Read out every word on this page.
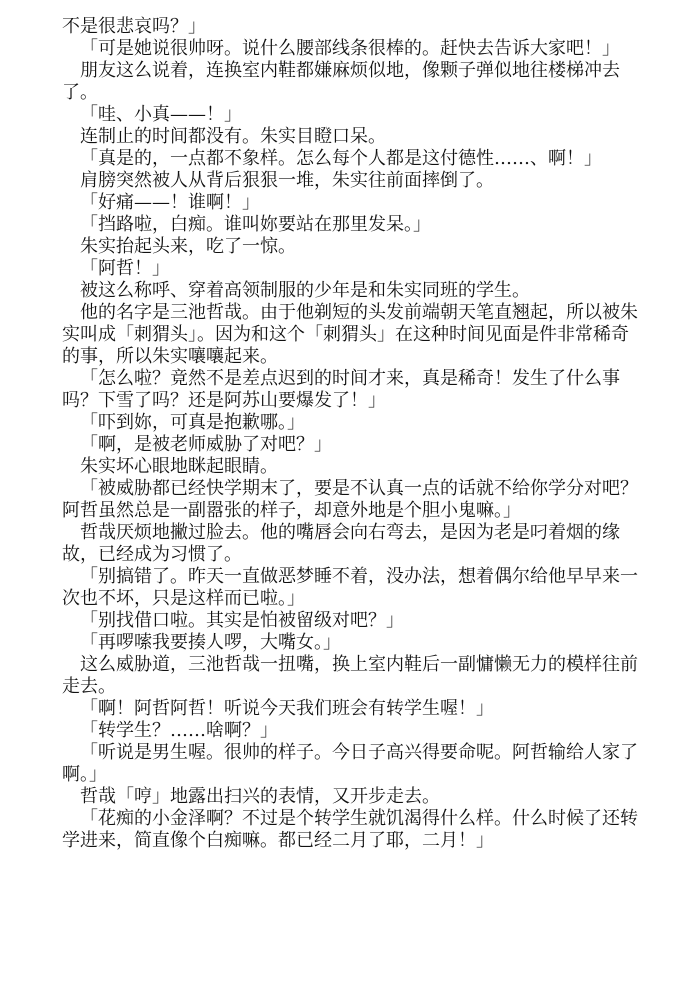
不是很悲哀吗？」

「可是她说很帅呀。说什么腰部线条很棒的。赶快去告诉大家吧！」

朋友这么说着，连换室内鞋都嫌麻烦似地，像颗子弹似地往楼梯冲去了。

「哇、小真——！」

连制止的时间都没有。朱实目瞪口呆。

「真是的，一点都不象样。怎么每个人都是这付德性……、啊！」

肩膀突然被人从背后狠狠一堆，朱实往前面摔倒了。

「好痛——！谁啊！」

「挡路啦，白痴。谁叫妳要站在那里发呆。」

朱实抬起头来，吃了一惊。

「阿哲！」

被这么称呼、穿着高领制服的少年是和朱实同班的学生。

他的名字是三池哲哉。由于他剃短的头发前端朝天笔直翘起，所以被朱实叫成「刺猬头」。因为和这个「刺猬头」在这种时间见面是件非常稀奇的事，所以朱实嚷嚷起来。

「怎么啦？竟然不是差点迟到的时间才来，真是稀奇！发生了什么事吗？下雪了吗？还是阿苏山要爆发了！」

「吓到妳，可真是抱歉哪。」

「啊，是被老师威胁了对吧？」

朱实坏心眼地眯起眼睛。

「被威胁都已经快学期末了，要是不认真一点的话就不给你学分对吧？阿哲虽然总是一副嚣张的样子，却意外地是个胆小鬼嘛。」

哲哉厌烦地撇过脸去。他的嘴唇会向右弯去，是因为老是叼着烟的缘故，已经成为习惯了。

「别搞错了。昨天一直做恶梦睡不着，没办法，想着偶尔给他早早来一次也不坏，只是这样而已啦。」

「别找借口啦。其实是怕被留级对吧？」

「再啰嗦我要揍人啰，大嘴女。」

这么威胁道，三池哲哉一扭嘴，换上室内鞋后一副慵懒无力的模样往前走去。

「啊！阿哲阿哲！听说今天我们班会有转学生喔！」

「转学生？……啥啊？」

「听说是男生喔。很帅的样子。今日子高兴得要命呢。阿哲输给人家了啊。」

哲哉「哼」地露出扫兴的表情，又开步走去。

「花痴的小金泽啊？不过是个转学生就饥渴得什么样。什么时候了还转学进来，简直像个白痴嘛。都已经二月了耶，二月！」
